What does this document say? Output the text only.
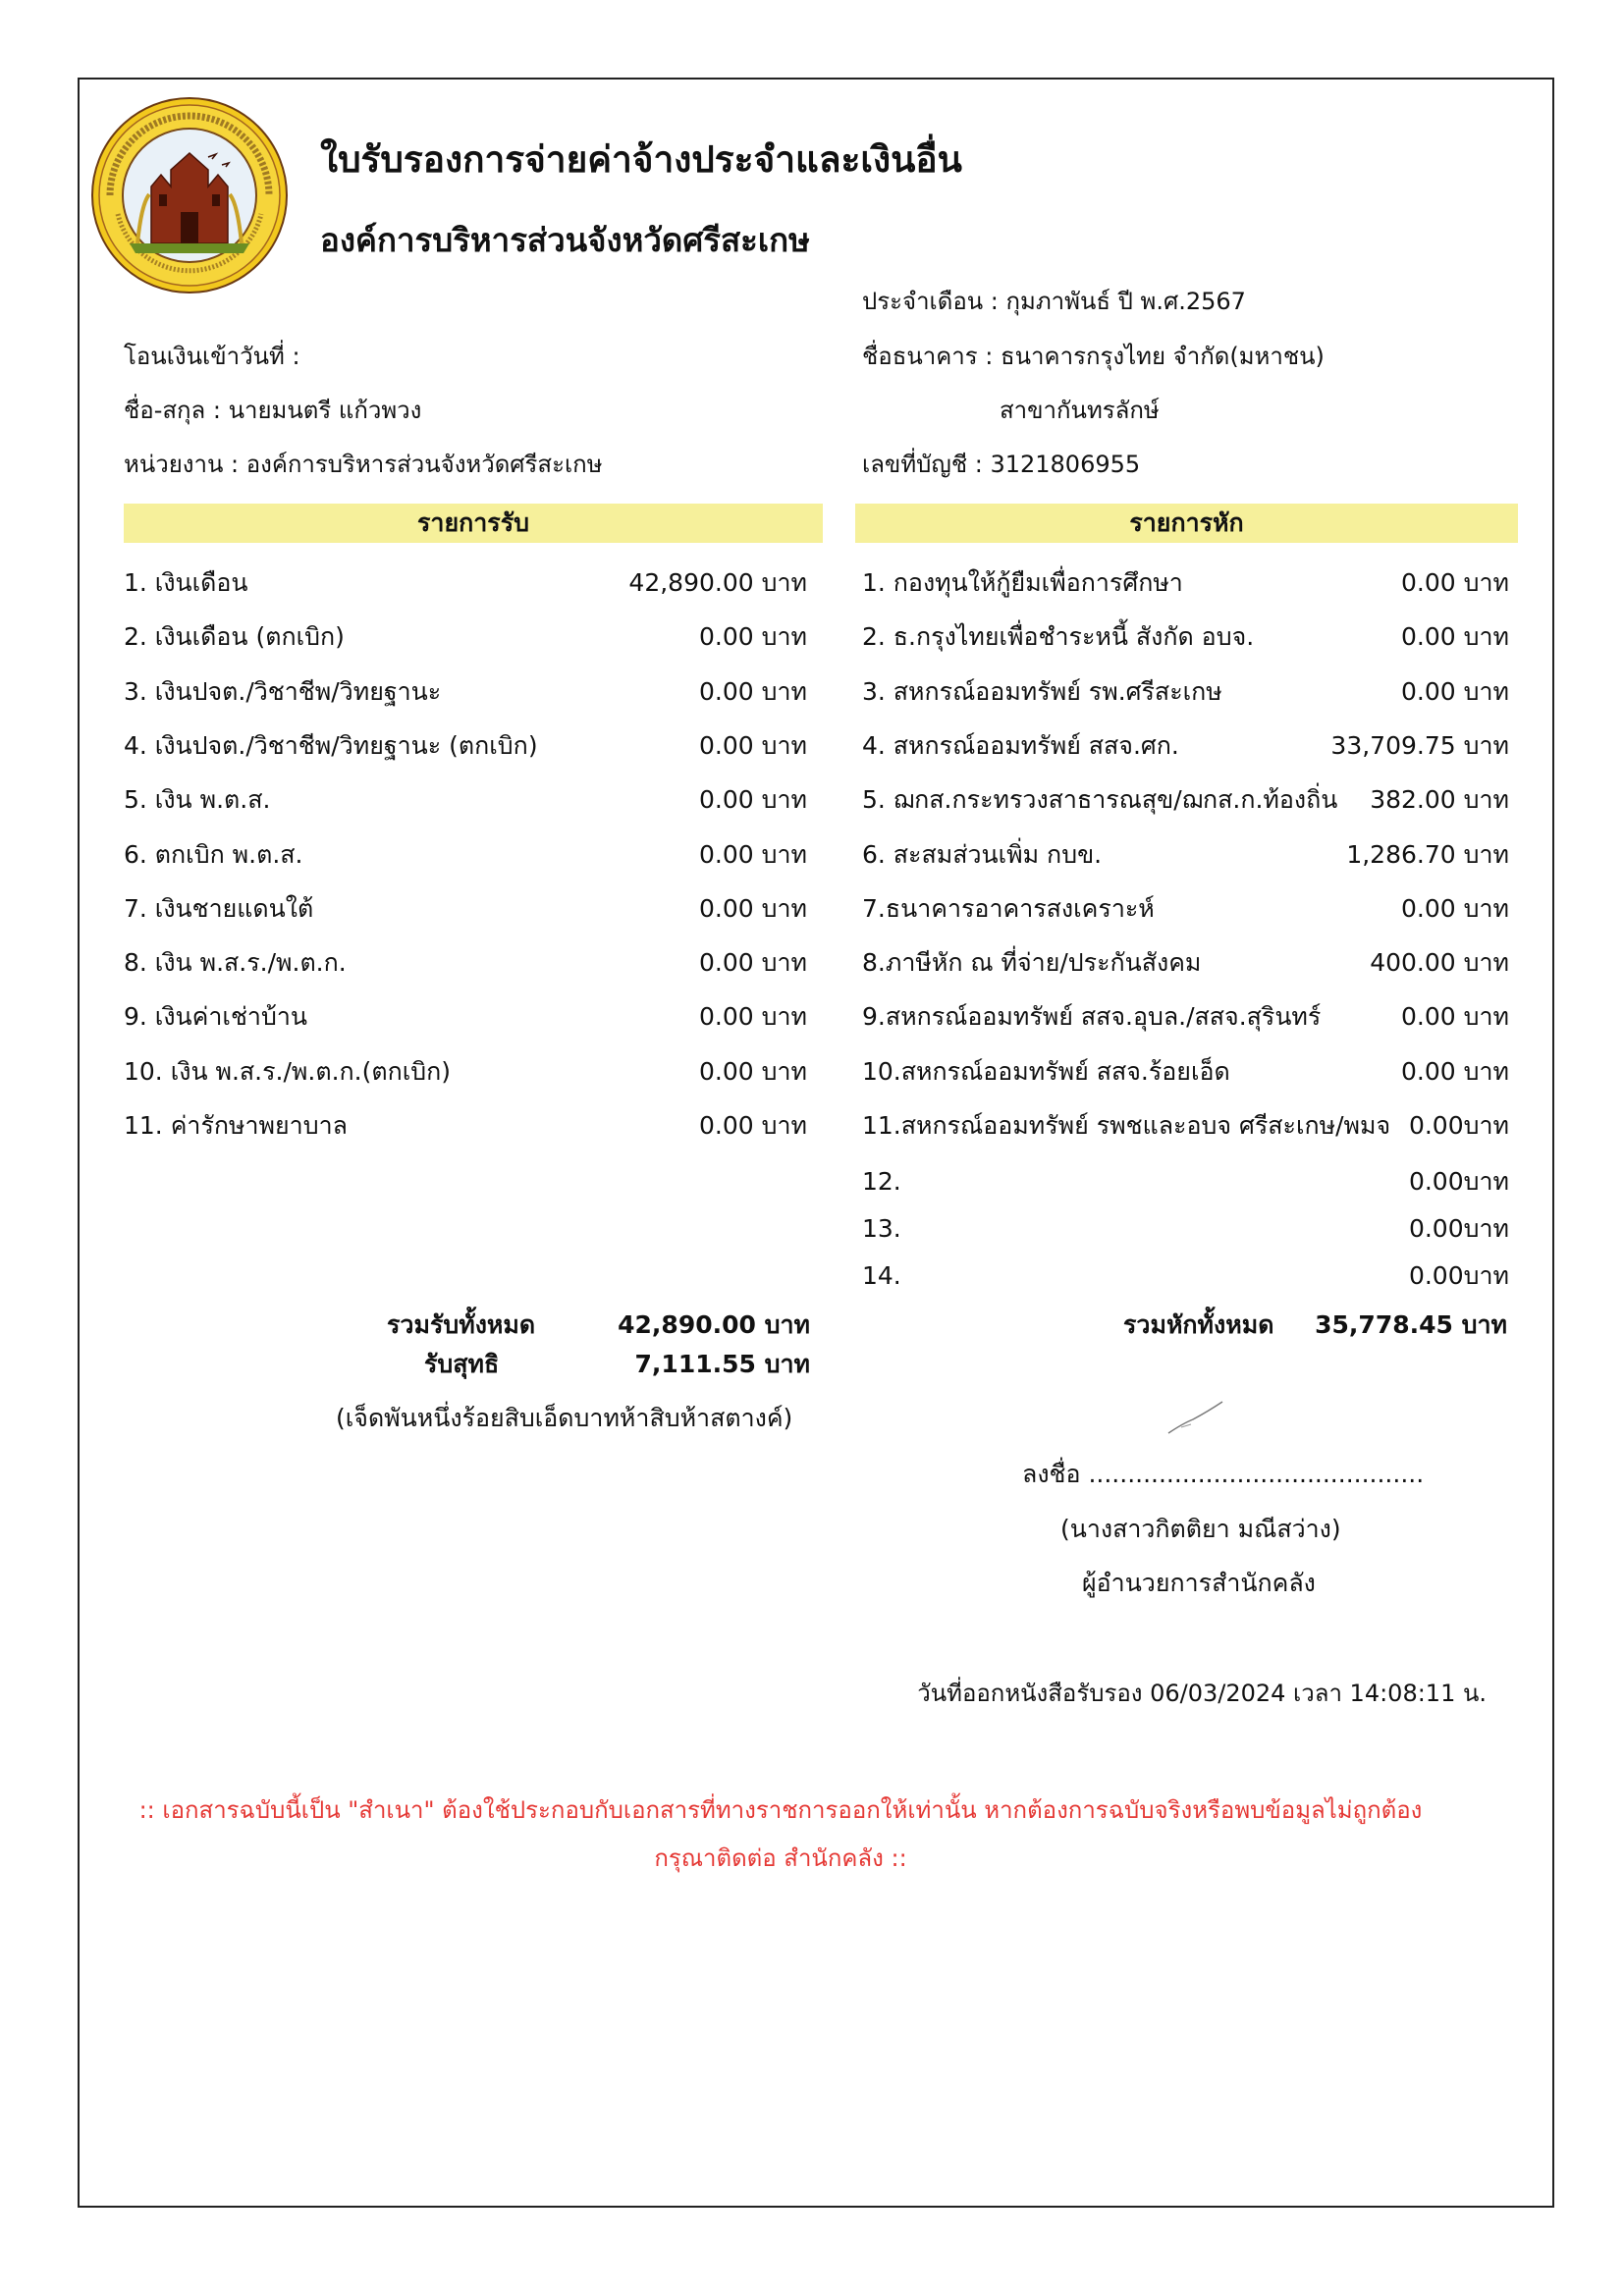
ใบรับรองการจ่ายค่าจ้างประจำและเงินอื่น
องค์การบริหารส่วนจังหวัดศรีสะเกษ
ประจำเดือน : กุมภาพันธ์ ปี พ.ศ.2567
โอนเงินเข้าวันที่ :	ชื่อธนาคาร : ธนาคารกรุงไทย จำกัด(มหาชน)
ชื่อ-สกุล : นายมนตรี แก้วพวง	สาขากันทรลักษ์
หน่วยงาน : องค์การบริหารส่วนจังหวัดศรีสะเกษ	เลขที่บัญชี : 3121806955
รายการรับ	รายการหัก
1. เงินเดือน	42,890.00 บาท
2. เงินเดือน (ตกเบิก)	0.00 บาท
3. เงินปจต./วิชาชีพ/วิทยฐานะ	0.00 บาท
4. เงินปจต./วิชาชีพ/วิทยฐานะ (ตกเบิก)	0.00 บาท
5. เงิน พ.ต.ส.	0.00 บาท
6. ตกเบิก พ.ต.ส.	0.00 บาท
7. เงินชายแดนใต้	0.00 บาท
8. เงิน พ.ส.ร./พ.ต.ก.	0.00 บาท
9. เงินค่าเช่าบ้าน	0.00 บาท
10. เงิน พ.ส.ร./พ.ต.ก.(ตกเบิก)	0.00 บาท
11. ค่ารักษาพยาบาล	0.00 บาท
1. กองทุนให้กู้ยืมเพื่อการศึกษา	0.00 บาท
2. ธ.กรุงไทยเพื่อชำระหนี้ สังกัด อบจ.	0.00 บาท
3. สหกรณ์ออมทรัพย์ รพ.ศรีสะเกษ	0.00 บาท
4. สหกรณ์ออมทรัพย์ สสจ.ศก.	33,709.75 บาท
5. ฌกส.กระทรวงสาธารณสุข/ฌกส.ก.ท้องถิ่น 382.00 บาท
6. สะสมส่วนเพิ่ม กบข.	1,286.70 บาท
7.ธนาคารอาคารสงเคราะห์	0.00 บาท
8.ภาษีหัก ณ ที่จ่าย/ประกันสังคม	400.00 บาท
9.สหกรณ์ออมทรัพย์ สสจ.อุบล./สสจ.สุรินทร์	0.00 บาท
10.สหกรณ์ออมทรัพย์ สสจ.ร้อยเอ็ด	0.00 บาท
11.สหกรณ์ออมทรัพย์ รพชและอบจ ศรีสะเกษ/พมจ 0.00บาท
12.	0.00บาท
13.	0.00บาท
14.	0.00บาท
รวมรับทั้งหมด	42,890.00 บาท
รับสุทธิ	7,111.55 บาท
(เจ็ดพันหนึ่งร้อยสิบเอ็ดบาทห้าสิบห้าสตางค์)
รวมหักทั้งหมด 35,778.45 บาท
ลงชื่อ ...........................................
(นางสาวกิตติยา มณีสว่าง)
ผู้อำนวยการสำนักคลัง
วันที่ออกหนังสือรับรอง 06/03/2024 เวลา 14:08:11 น.
:: เอกสารฉบับนี้เป็น "สำเนา" ต้องใช้ประกอบกับเอกสารที่ทางราชการออกให้เท่านั้น หากต้องการฉบับจริงหรือพบข้อมูลไม่ถูกต้อง
กรุณาติดต่อ สำนักคลัง ::
